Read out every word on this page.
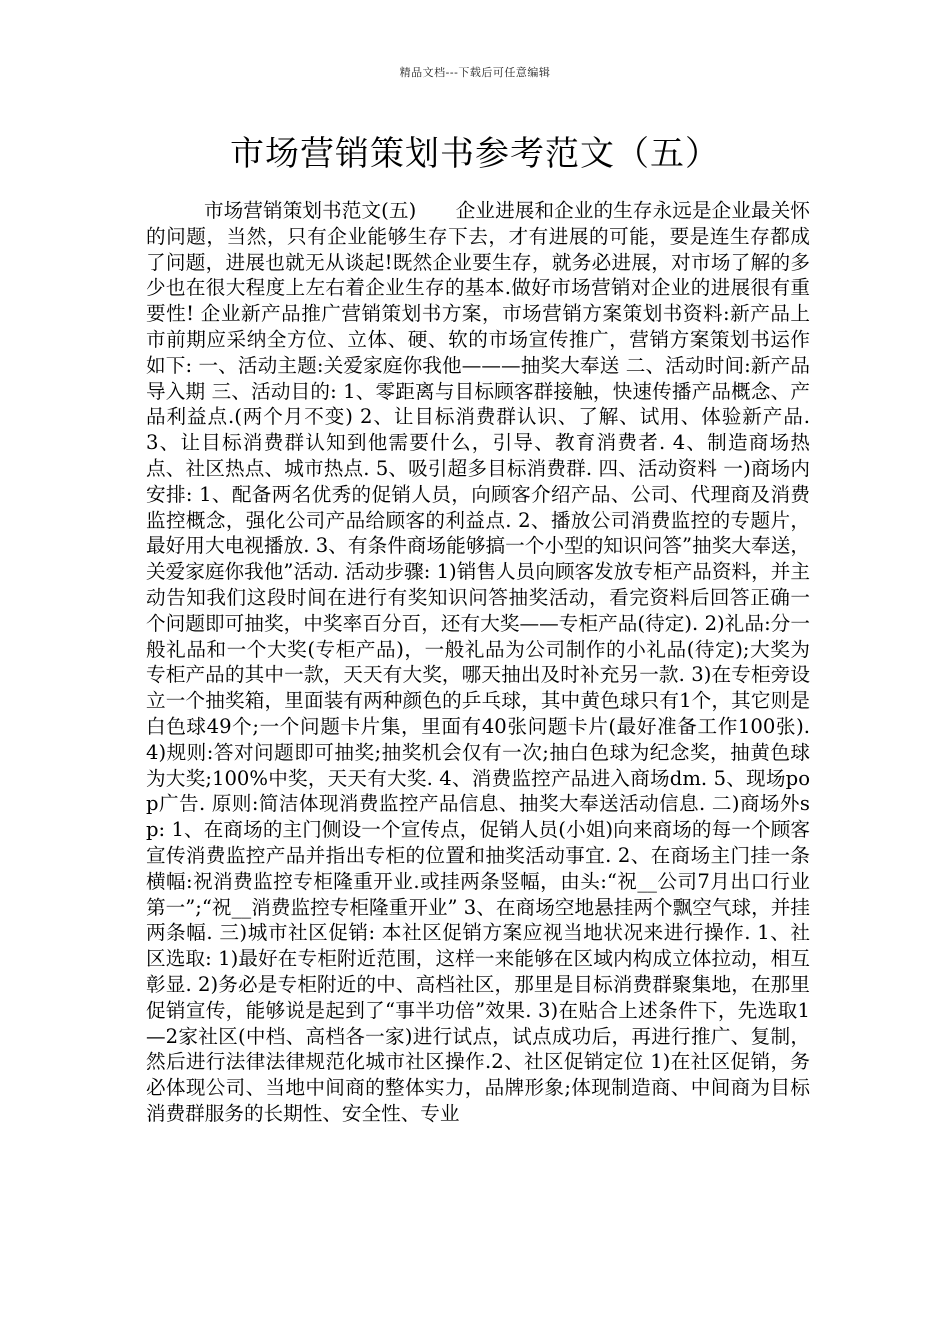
精品文档---下载后可任意编辑
市场营销策划书参考范文（五）

市场营销策划书范文(五)　　企业进展和企业的生存永远是企业最关怀的问题，当然，只有企业能够生存下去，才有进展的可能，要是连生存都成了问题，进展也就无从谈起!既然企业要生存，就务必进展，对市场了解的多少也在很大程度上左右着企业生存的基本.做好市场营销对企业的进展很有重要性! 企业新产品推广营销策划书方案，市场营销方案策划书资料:新产品上市前期应采纳全方位、立体、硬、软的市场宣传推广，营销方案策划书运作如下: 一、活动主题:关爱家庭你我他———抽奖大奉送 二、活动时间:新产品导入期 三、活动目的: 1、零距离与目标顾客群接触，快速传播产品概念、产品利益点.(两个月不变) 2、让目标消费群认识、了解、试用、体验新产品. 3、让目标消费群认知到他需要什么，引导、教育消费者. 4、制造商场热点、社区热点、城市热点. 5、吸引超多目标消费群. 四、活动资料 一)商场内安排: 1、配备两名优秀的促销人员，向顾客介绍产品、公司、代理商及消费监控概念，强化公司产品给顾客的利益点. 2、播放公司消费监控的专题片，最好用大电视播放. 3、有条件商场能够搞一个小型的知识问答”抽奖大奉送，关爱家庭你我他”活动. 活动步骤: 1)销售人员向顾客发放专柜产品资料，并主动告知我们这段时间在进行有奖知识问答抽奖活动，看完资料后回答正确一个问题即可抽奖，中奖率百分百，还有大奖——专柜产品(待定). 2)礼品:分一般礼品和一个大奖(专柜产品)，一般礼品为公司制作的小礼品(待定);大奖为专柜产品的其中一款，天天有大奖，哪天抽出及时补充另一款. 3)在专柜旁设立一个抽奖箱，里面装有两种颜色的乒乓球，其中黄色球只有1个，其它则是白色球49个;一个问题卡片集，里面有40张问题卡片(最好准备工作100张). 4)规则:答对问题即可抽奖;抽奖机会仅有一次;抽白色球为纪念奖，抽黄色球为大奖;100%中奖，天天有大奖. 4、消费监控产品进入商场dm. 5、现场pop广告. 原则:简洁体现消费监控产品信息、抽奖大奉送活动信息. 二)商场外sp: 1、在商场的主门侧设一个宣传点，促销人员(小姐)向来商场的每一个顾客宣传消费监控产品并指出专柜的位置和抽奖活动事宜. 2、在商场主门挂一条横幅:祝消费监控专柜隆重开业.或挂两条竖幅，由头:“祝__公司7月出口行业第一”;“祝__消费监控专柜隆重开业” 3、在商场空地悬挂两个飘空气球，并挂两条幅. 三)城市社区促销: 本社区促销方案应视当地状况来进行操作. 1、社区选取: 1)最好在专柜附近范围，这样一来能够在区域内构成立体拉动，相互彰显. 2)务必是专柜附近的中、高档社区，那里是目标消费群聚集地，在那里促销宣传，能够说是起到了“事半功倍”效果. 3)在贴合上述条件下，先选取1—2家社区(中档、高档各一家)进行试点，试点成功后，再进行推广、复制，然后进行法律法律规范化城市社区操作.2、社区促销定位 1)在社区促销，务必体现公司、当地中间商的整体实力，品牌形象;体现制造商、中间商为目标消费群服务的长期性、安全性、专业
